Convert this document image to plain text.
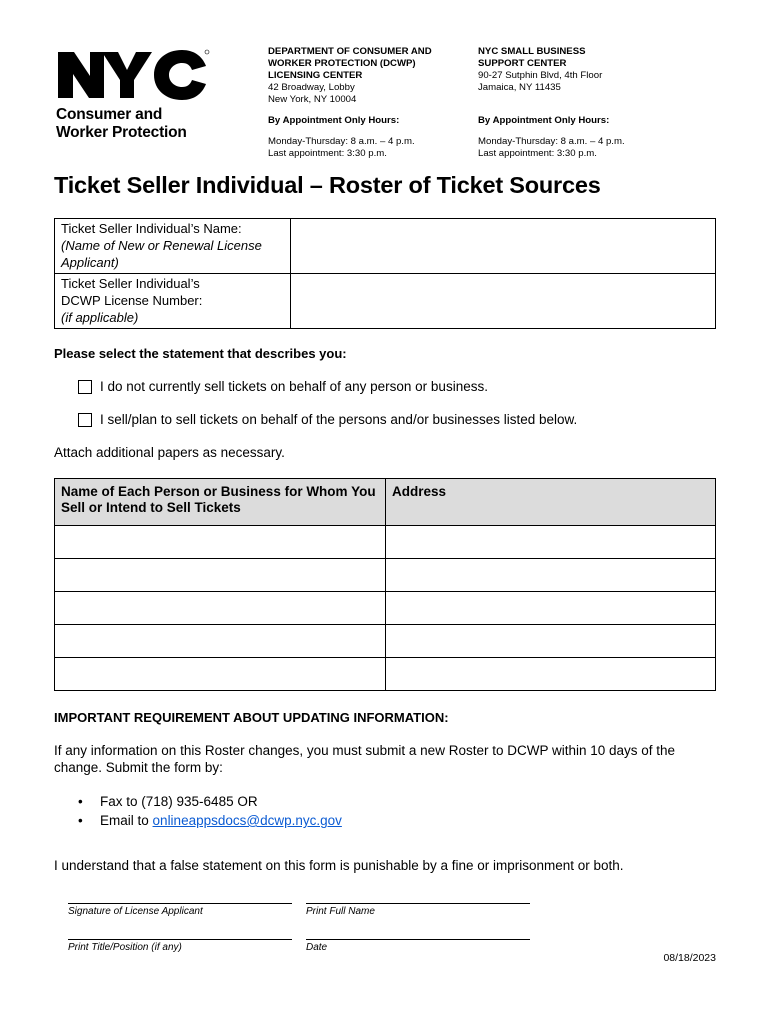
Consumer and
Worker Protection
DEPARTMENT OF CONSUMER AND
WORKER PROTECTION (DCWP)
LICENSING CENTER
42 Broadway, Lobby
New York, NY 10004
By Appointment Only Hours:
Monday-Thursday: 8 a.m. – 4 p.m.
Last appointment: 3:30 p.m.
NYC SMALL BUSINESS
SUPPORT CENTER
90-27 Sutphin Blvd, 4th Floor
Jamaica, NY 11435
By Appointment Only Hours:
Monday-Thursday: 8 a.m. – 4 p.m.
Last appointment: 3:30 p.m.
Ticket Seller Individual – Roster of Ticket Sources
Ticket Seller Individual’s Name:
(Name of New or Renewal License Applicant)	

Ticket Seller Individual’s
DCWP License Number:
(if applicable)	

Please select the statement that describes you:
I do not currently sell tickets on behalf of any person or business.
I sell/plan to sell tickets on behalf of the persons and/or businesses listed below.
Attach additional papers as necessary.
Name of Each Person or Business for Whom You Sell or Intend to Sell Tickets	Address

IMPORTANT REQUIREMENT ABOUT UPDATING INFORMATION:
If any information on this Roster changes, you must submit a new Roster to DCWP within 10 days of the change. Submit the form by:
•	Fax to (718) 935-6485 OR
•	Email to
onlineappsdocs@dcwp.nyc.gov
I understand that a false statement on this form is punishable by a fine or imprisonment or both.
Signature of License Applicant	Print Full Name
Print Title/Position (if any)	Date
08/18/2023
